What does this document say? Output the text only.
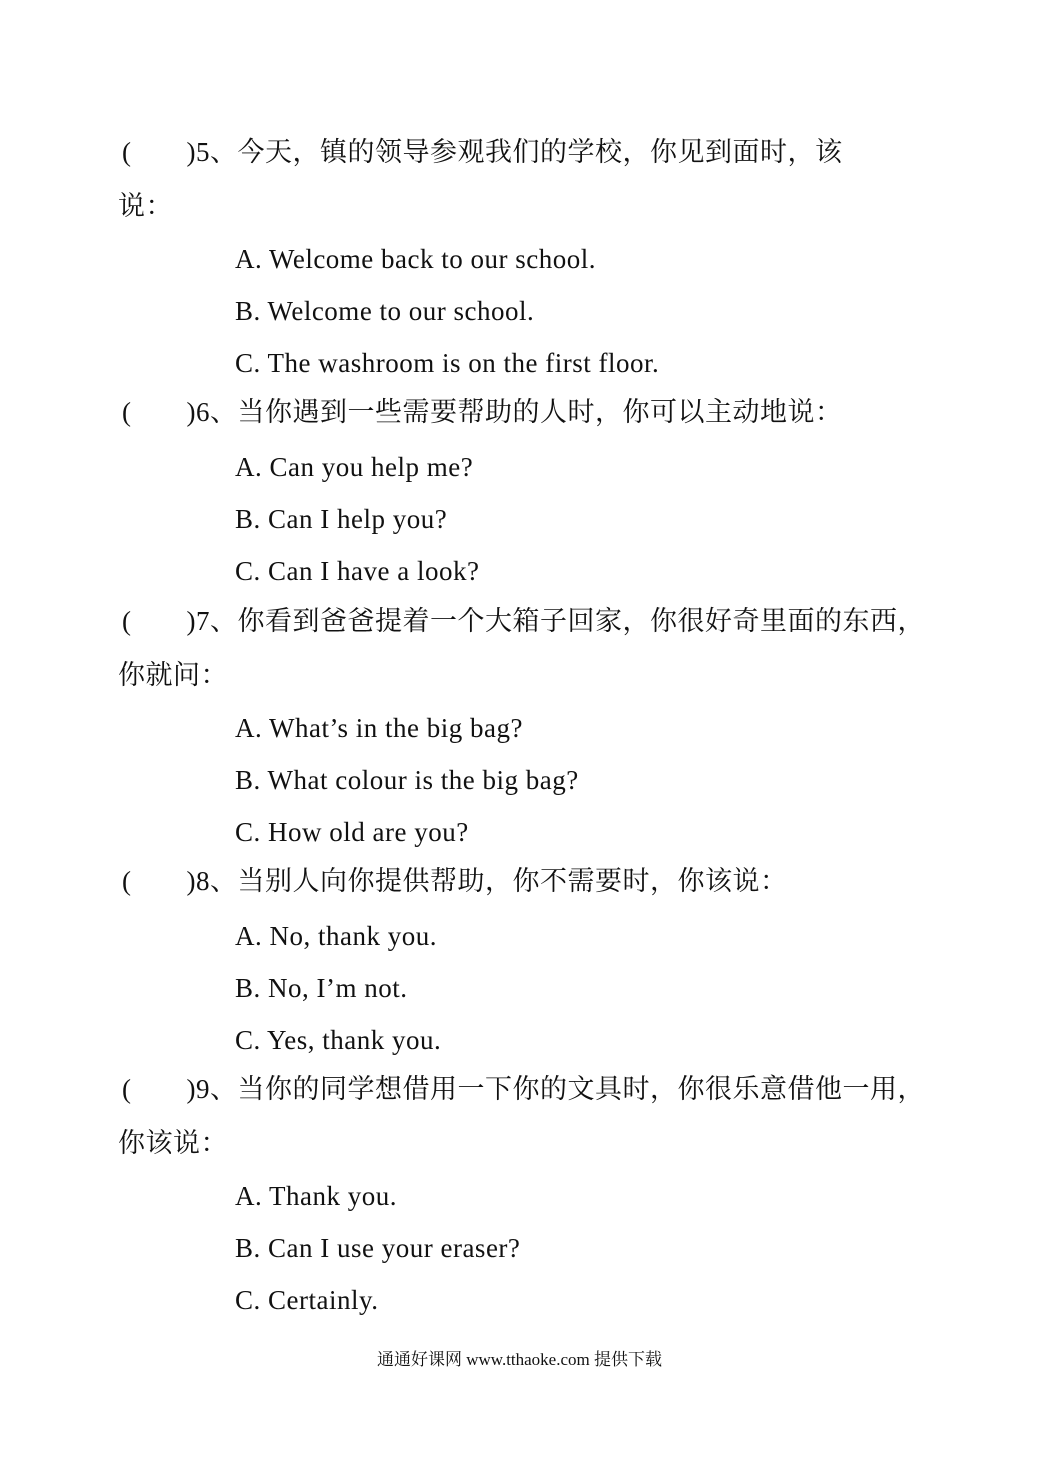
(　　)5、今天，镇的领导参观我们的学校，你见到面时，该
说：
A. Welcome back to our school.
B. Welcome to our school.
C. The washroom is on the first floor.
(　　)6、当你遇到一些需要帮助的人时，你可以主动地说：
A. Can you help me?
B. Can I help you?
C. Can I have a look?
(　　)7、你看到爸爸提着一个大箱子回家，你很好奇里面的东西，
你就问：
A. What’s in the big bag?
B. What colour is the big bag?
C. How old are you?
(　　)8、当别人向你提供帮助，你不需要时，你该说：
A. No, thank you.
B. No, I’m not.
C. Yes, thank you.
(　　)9、当你的同学想借用一下你的文具时，你很乐意借他一用，
你该说：
A. Thank you.
B. Can I use your eraser?
C. Certainly.
通通好课网 www.tthaoke.com 提供下载
